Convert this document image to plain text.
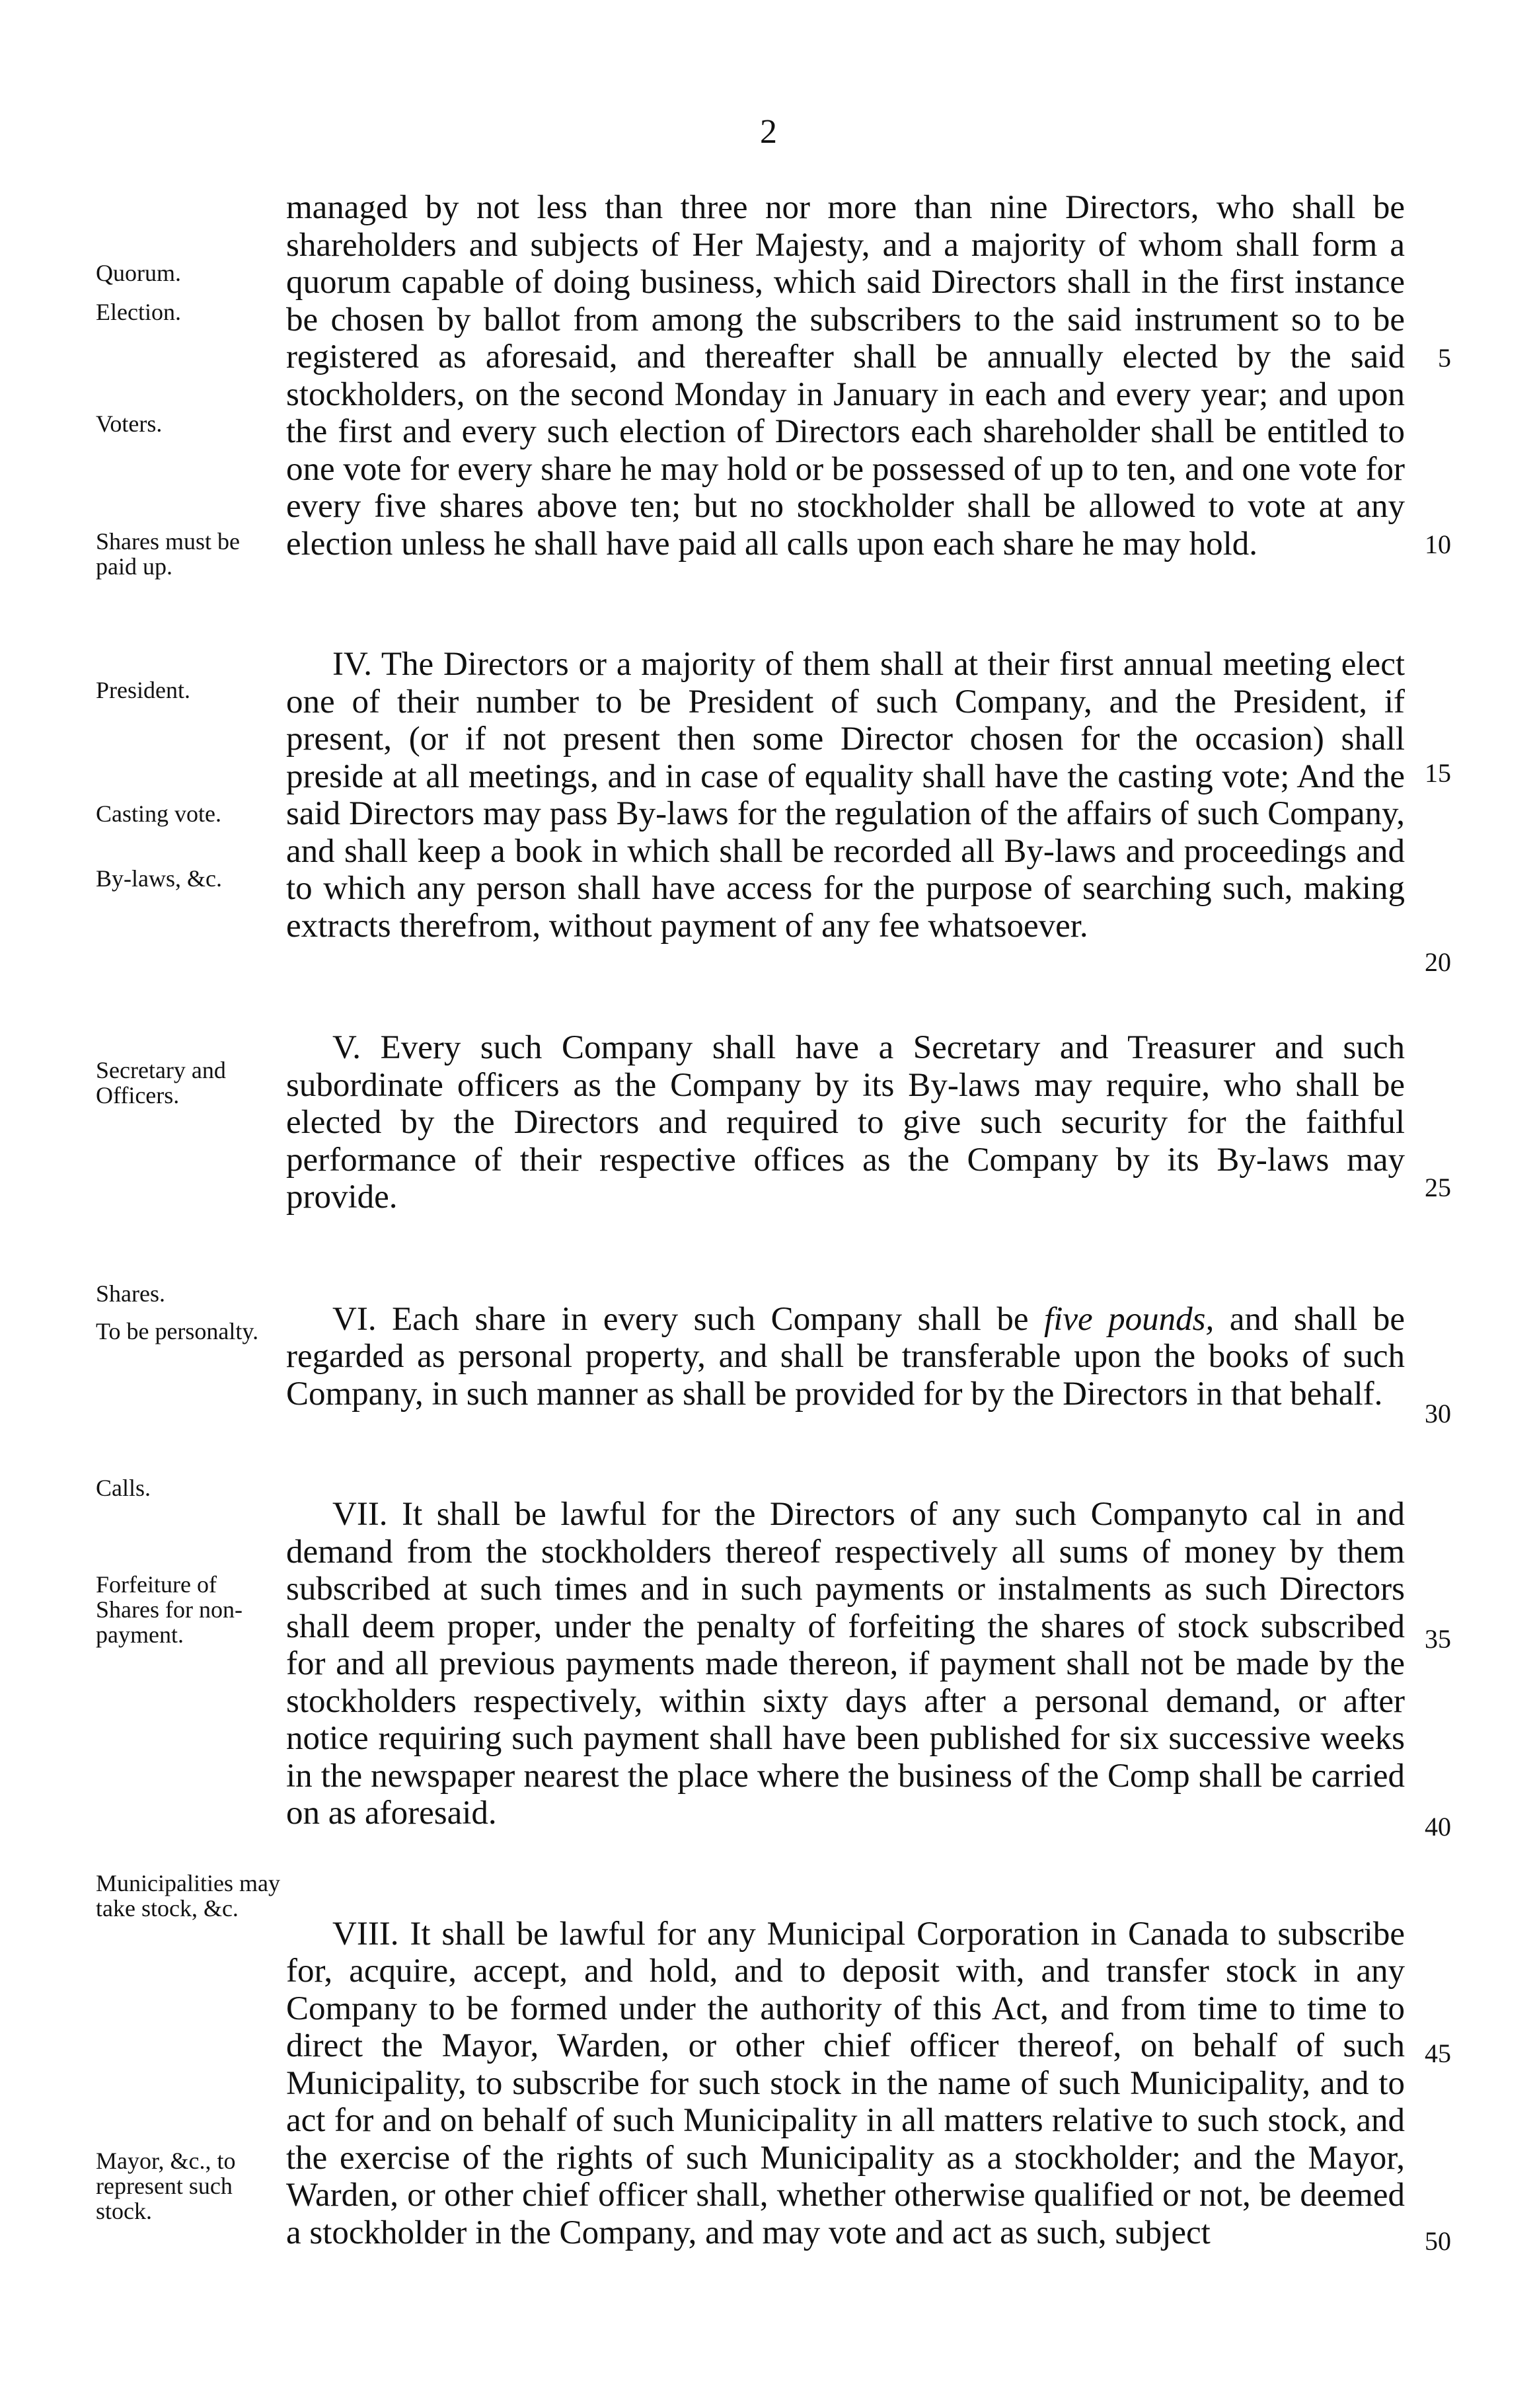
2

managed by not less than three nor more than nine Directors, who shall be shareholders and subjects of Her Majesty, and a majority of whom shall form a quorum capable of doing business, which said Directors shall in the first instance be chosen by ballot from among the subscribers to the said instrument so to be registered as aforesaid, and thereafter shall be annually elected by the said stockholders, on the second Monday in January in each and every year; and upon the first and every such election of Directors each shareholder shall be entitled to one vote for every share he may hold or be possessed of up to ten, and one vote for every five shares above ten; but no stockholder shall be allowed to vote at any election unless he shall have paid all calls upon each share he may hold.

IV. The Directors or a majority of them shall at their first annual meeting elect one of their number to be President of such Company, and the President, if present, (or if not present then some Director chosen for the occasion) shall preside at all meetings, and in case of equality shall have the casting vote; And the said Directors may pass By-laws for the regulation of the affairs of such Company, and shall keep a book in which shall be recorded all By-laws and proceedings and to which any person shall have access for the purpose of searching such, making extracts therefrom, without payment of any fee whatsoever.

V. Every such Company shall have a Secretary and Treasurer and such subordinate officers as the Company by its By-laws may require, who shall be elected by the Directors and required to give such security for the faithful performance of their respective offices as the Company by its By-laws may provide.

VI. Each share in every such Company shall be five pounds, and shall be regarded as personal property, and shall be transferable upon the books of such Company, in such manner as shall be provided for by the Directors in that behalf.

VII. It shall be lawful for the Directors of any such Companyto cal in and demand from the stockholders thereof respectively all sums of money by them subscribed at such times and in such payments or instalments as such Directors shall deem proper, under the penalty of forfeiting the shares of stock subscribed for and all previous payments made thereon, if payment shall not be made by the stockholders respectively, within sixty days after a personal demand, or after notice requiring such payment shall have been published for six successive weeks in the newspaper nearest the place where the business of the Comp shall be carried on as aforesaid.

VIII. It shall be lawful for any Municipal Corporation in Canada to subscribe for, acquire, accept, and hold, and to deposit with, and transfer stock in any Company to be formed under the authority of this Act, and from time to time to direct the Mayor, Warden, or other chief officer thereof, on behalf of such Municipality, to subscribe for such stock in the name of such Municipality, and to act for and on behalf of such Municipality in all matters relative to such stock, and the exercise of the rights of such Municipality as a stockholder; and the Mayor, Warden, or other chief officer shall, whether otherwise qualified or not, be deemed a stockholder in the Company, and may vote and act as such, subject

Quorum.
Election.
Voters.
Shares must be paid up.
President.
Casting vote.
By-laws, &c.
Secretary and Officers.
Shares.
To be personalty.
Calls.
Forfeiture of Shares for non-payment.
Municipalities may take stock, &c.
Mayor, &c., to represent such stock.
5
10
15
20
25
30
35
40
45
50
